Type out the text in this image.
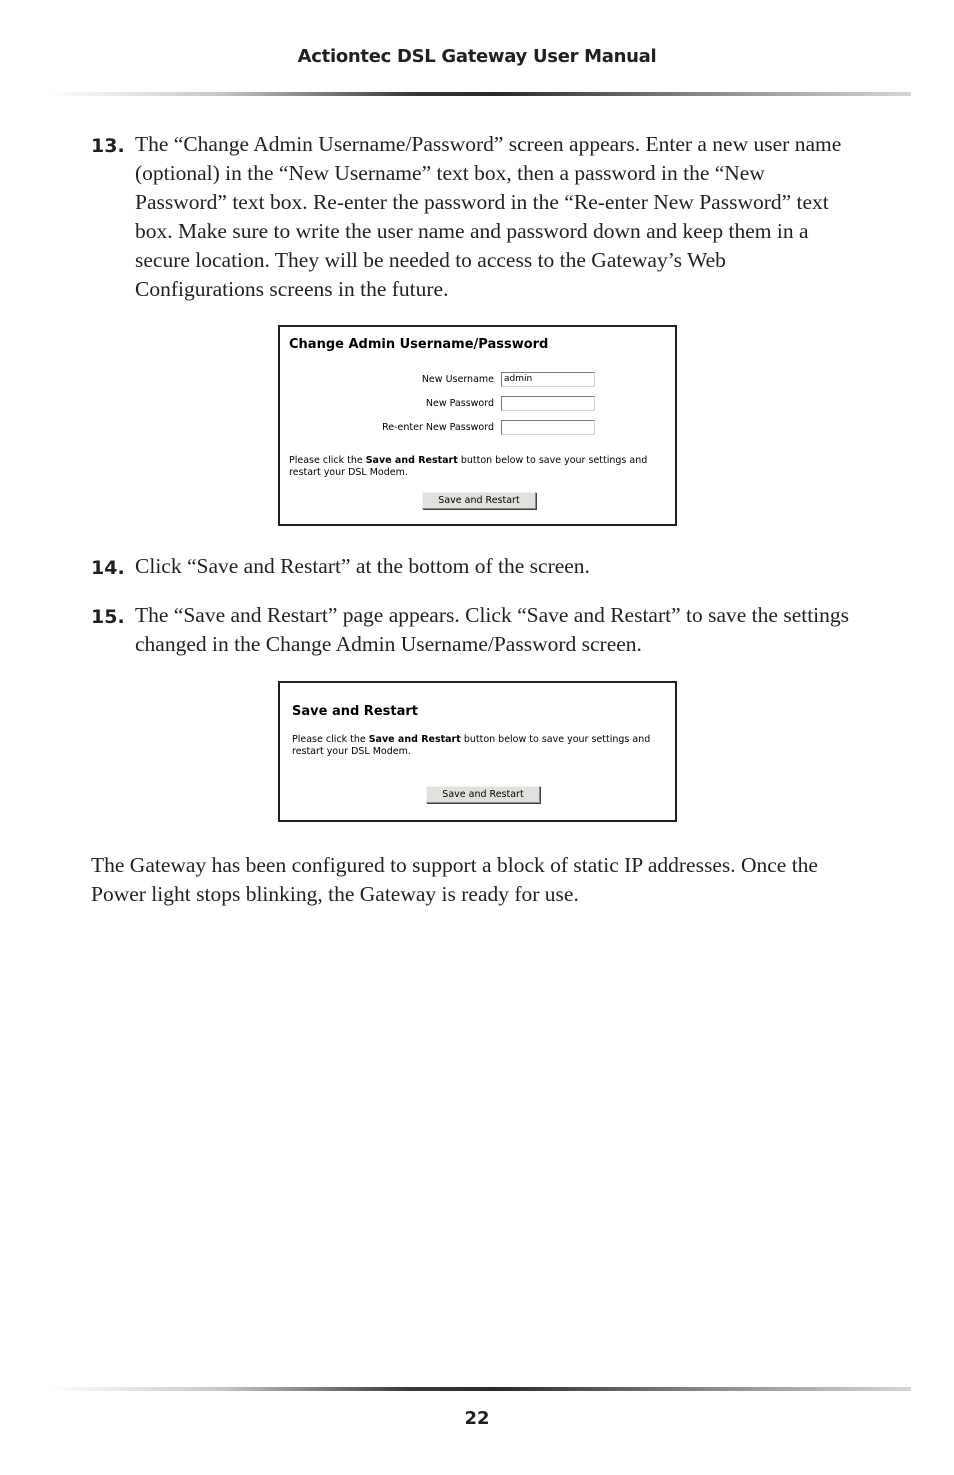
Actiontec DSL Gateway User Manual
13. The “Change Admin Username/Password” screen appears. Enter a new user name (optional) in the “New Username” text box, then a password in the “New Password” text box. Re-enter the password in the “Re-enter New Password” text box. Make sure to write the user name and password down and keep them in a secure location. They will be needed to access to the Gateway’s Web Configurations screens in the future.
Change Admin Username/Password
New Username	admin
New Password
Re-enter New Password
Please click the Save and Restart button below to save your settings and restart your DSL Modem.
Save and Restart
14. Click “Save and Restart” at the bottom of the screen.
15. The “Save and Restart” page appears. Click “Save and Restart” to save the settings changed in the Change Admin Username/Password screen.
Save and Restart
Please click the Save and Restart button below to save your settings and restart your DSL Modem.
Save and Restart
The Gateway has been configured to support a block of static IP addresses. Once the Power light stops blinking, the Gateway is ready for use.
22
